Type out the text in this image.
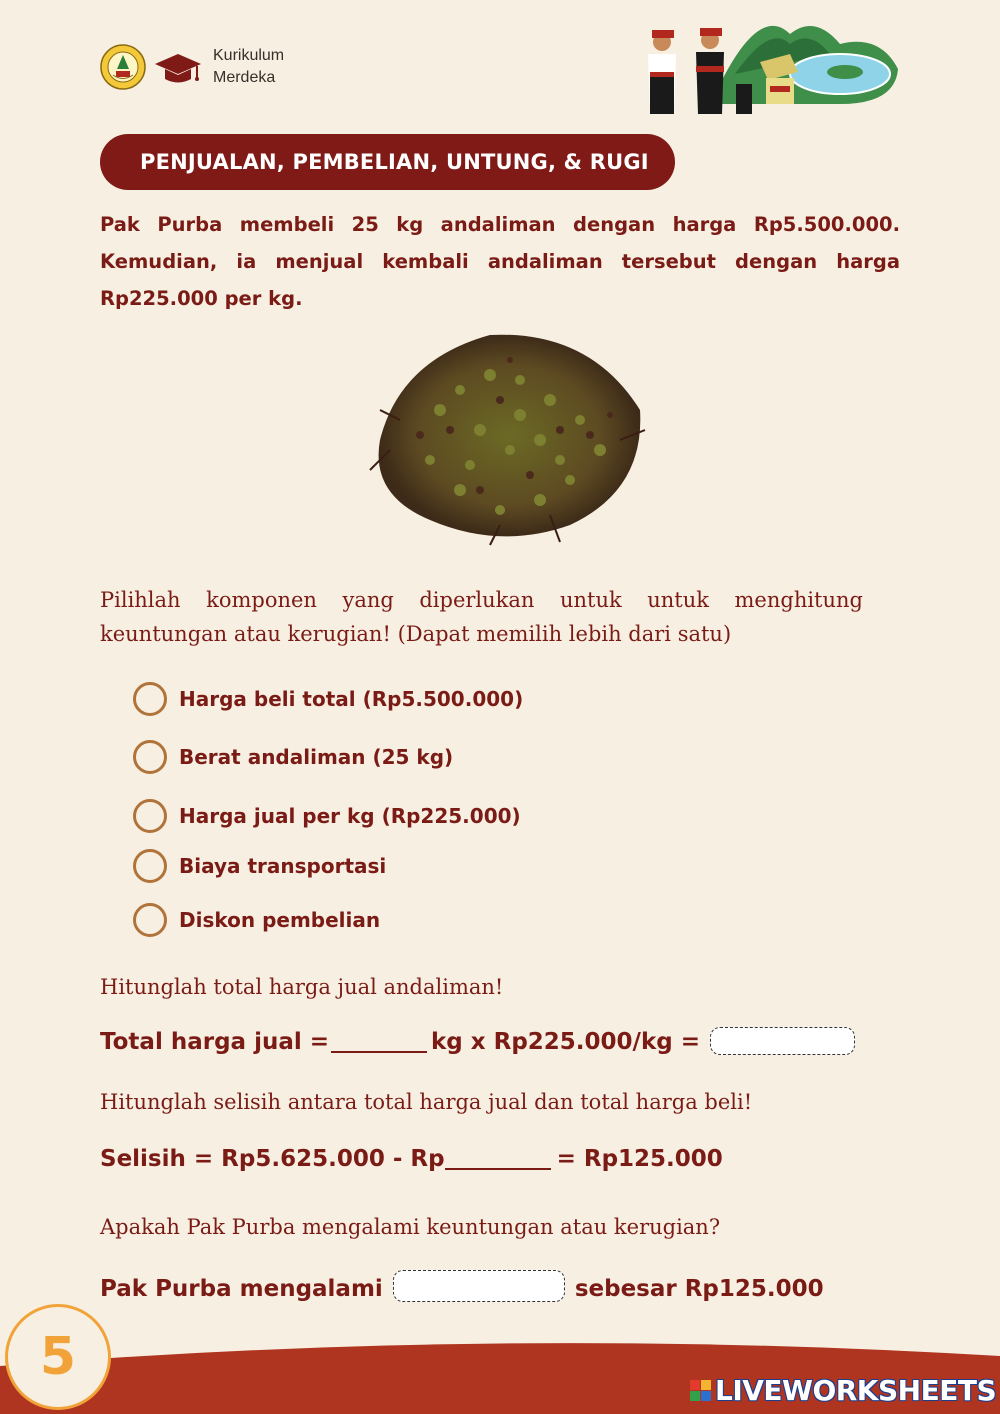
Kurikulum
Merdeka
PENJUALAN, PEMBELIAN, UNTUNG, & RUGI
Pak Purba membeli 25 kg andaliman dengan harga Rp5.500.000. Kemudian, ia menjual kembali andaliman tersebut dengan harga Rp225.000 per kg.
Pilihlah komponen yang diperlukan untuk untuk menghitung keuntungan atau kerugian! (Dapat memilih lebih dari satu)
Harga beli total (Rp5.500.000)
Berat andaliman (25 kg)
Harga jual per kg (Rp225.000)
Biaya transportasi
Diskon pembelian
Hitunglah total harga jual andaliman!
Total harga jual =	kg x Rp225.000/kg =
Hitunglah selisih antara total harga jual dan total harga beli!
Selisih = Rp5.625.000 - Rp	= Rp125.000
Apakah Pak Purba mengalami keuntungan atau kerugian?
Pak Purba mengalami	sebesar Rp125.000
5
LIVEWORKSHEETS
